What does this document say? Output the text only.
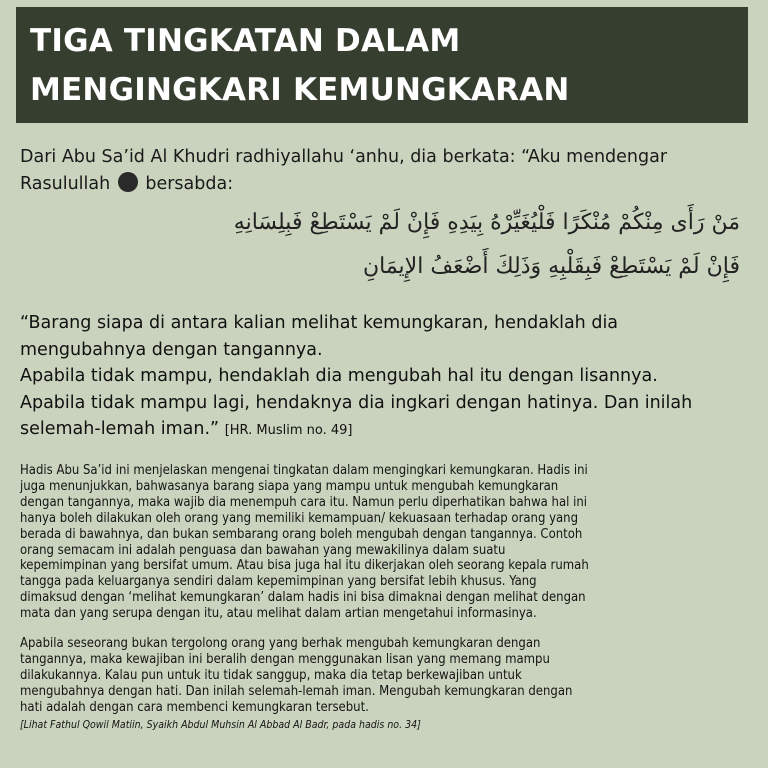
TIGA TINGKATAN DALAM
MENGINGKARI KEMUNGKARAN
Dari Abu Sa’id Al Khudri radhiyallahu ‘anhu, dia berkata: “Aku mendengar
Rasulullah bersabda:
مَنْ رَأَى مِنْكُمْ مُنْكَرًا فَلْيُغَيِّرْهُ بِيَدِهِ فَإِنْ لَمْ يَسْتَطِعْ فَبِلِسَانِهِ
فَإِنْ لَمْ يَسْتَطِعْ فَبِقَلْبِهِ وَذَلِكَ أَضْعَفُ الإِيمَانِ
“Barang siapa di antara kalian melihat kemungkaran, hendaklah dia
mengubahnya dengan tangannya.
Apabila tidak mampu, hendaklah dia mengubah hal itu dengan lisannya.
Apabila tidak mampu lagi, hendaknya dia ingkari dengan hatinya. Dan inilah
selemah-lemah iman.” [HR. Muslim no. 49]
Hadis Abu Sa’id ini menjelaskan mengenai tingkatan dalam mengingkari kemungkaran. Hadis ini
juga menunjukkan, bahwasanya barang siapa yang mampu untuk mengubah kemungkaran
dengan tangannya, maka wajib dia menempuh cara itu. Namun perlu diperhatikan bahwa hal ini
hanya boleh dilakukan oleh orang yang memiliki kemampuan/ kekuasaan terhadap orang yang
berada di bawahnya, dan bukan sembarang orang boleh mengubah dengan tangannya. Contoh
orang semacam ini adalah penguasa dan bawahan yang mewakilinya dalam suatu
kepemimpinan yang bersifat umum. Atau bisa juga hal itu dikerjakan oleh seorang kepala rumah
tangga pada keluarganya sendiri dalam kepemimpinan yang bersifat lebih khusus. Yang
dimaksud dengan ‘melihat kemungkaran’ dalam hadis ini bisa dimaknai dengan melihat dengan
mata dan yang serupa dengan itu, atau melihat dalam artian mengetahui informasinya.
Apabila seseorang bukan tergolong orang yang berhak mengubah kemungkaran dengan
tangannya, maka kewajiban ini beralih dengan menggunakan lisan yang memang mampu
dilakukannya. Kalau pun untuk itu tidak sanggup, maka dia tetap berkewajiban untuk
mengubahnya dengan hati. Dan inilah selemah-lemah iman. Mengubah kemungkaran dengan
hati adalah dengan cara membenci kemungkaran tersebut.
[Lihat Fathul Qowil Matiin, Syaikh Abdul Muhsin Al Abbad Al Badr, pada hadis no. 34]
